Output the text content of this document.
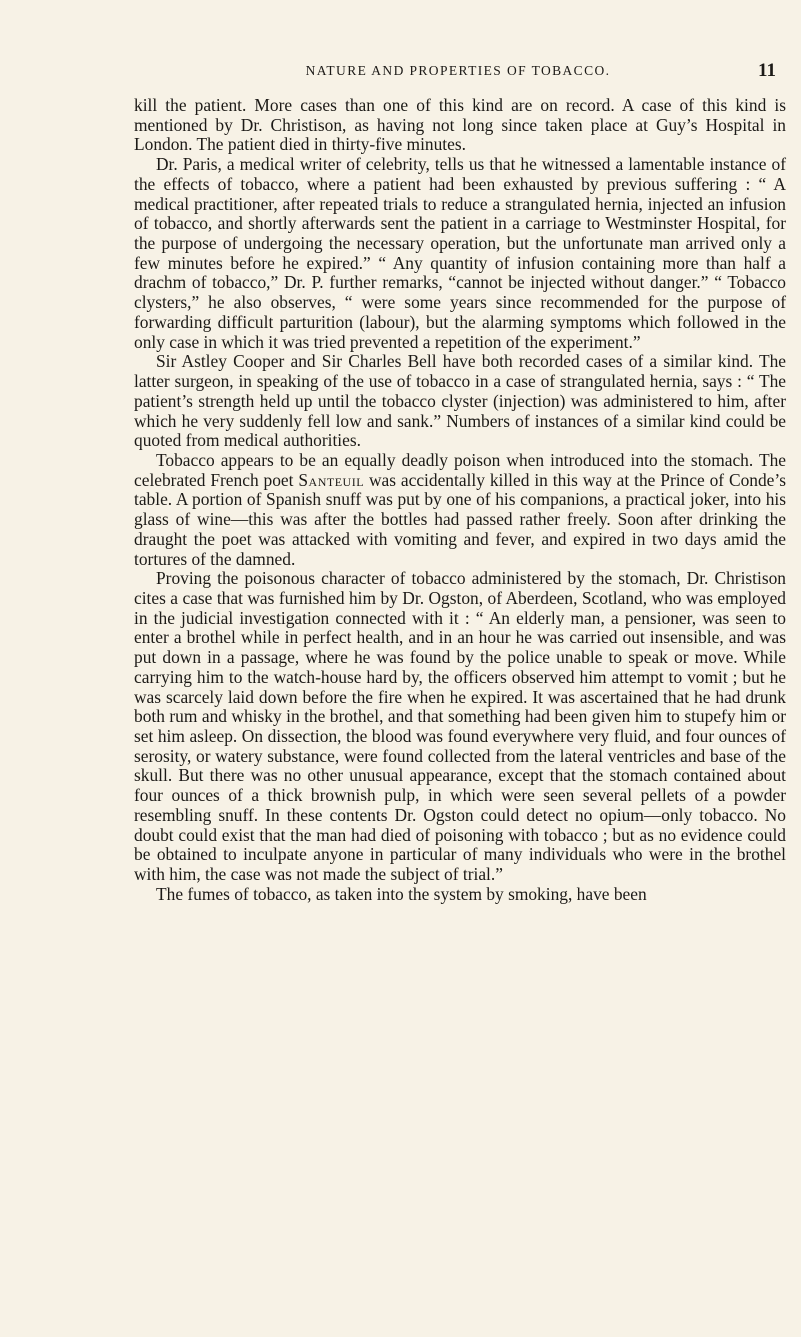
NATURE AND PROPERTIES OF TOBACCO.	11

kill the patient. More cases than one of this kind are on record. A case of this kind is mentioned by Dr. Christison, as having not long since taken place at Guy’s Hospital in London. The patient died in thirty-five minutes.

Dr. Paris, a medical writer of celebrity, tells us that he witnessed a lamentable instance of the effects of tobacco, where a patient had been exhausted by previous suffering : “ A medical practitioner, after repeated trials to reduce a strangulated hernia, injected an infusion of tobacco, and shortly afterwards sent the patient in a carriage to Westminster Hospital, for the purpose of undergoing the necessary operation, but the unfortunate man arrived only a few minutes before he expired.” “ Any quantity of infusion containing more than half a drachm of tobacco,” Dr. P. further remarks, “cannot be injected without danger.” “ Tobacco clysters,” he also observes, “ were some years since recommended for the purpose of forwarding difficult parturition (labour), but the alarming symptoms which followed in the only case in which it was tried prevented a repetition of the experiment.”

Sir Astley Cooper and Sir Charles Bell have both recorded cases of a similar kind. The latter surgeon, in speaking of the use of tobacco in a case of strangulated hernia, says : “ The patient’s strength held up until the tobacco clyster (injection) was administered to him, after which he very suddenly fell low and sank.” Numbers of instances of a similar kind could be quoted from medical authorities.

Tobacco appears to be an equally deadly poison when introduced into the stomach. The celebrated French poet Santeuil was accidentally killed in this way at the Prince of Conde’s table. A portion of Spanish snuff was put by one of his companions, a practical joker, into his glass of wine—this was after the bottles had passed rather freely. Soon after drinking the draught the poet was attacked with vomiting and fever, and expired in two days amid the tortures of the damned.

Proving the poisonous character of tobacco administered by the stomach, Dr. Christison cites a case that was furnished him by Dr. Ogston, of Aberdeen, Scotland, who was employed in the judicial investigation connected with it : “ An elderly man, a pensioner, was seen to enter a brothel while in perfect health, and in an hour he was carried out insensible, and was put down in a passage, where he was found by the police unable to speak or move. While carrying him to the watch-house hard by, the officers observed him attempt to vomit ; but he was scarcely laid down before the fire when he expired. It was ascertained that he had drunk both rum and whisky in the brothel, and that something had been given him to stupefy him or set him asleep. On dissection, the blood was found everywhere very fluid, and four ounces of serosity, or watery substance, were found collected from the lateral ventricles and base of the skull. But there was no other unusual appearance, except that the stomach contained about four ounces of a thick brownish pulp, in which were seen several pellets of a powder resembling snuff. In these contents Dr. Ogston could detect no opium—only tobacco. No doubt could exist that the man had died of poisoning with tobacco ; but as no evidence could be obtained to inculpate anyone in particular of many individuals who were in the brothel with him, the case was not made the subject of trial.”

The fumes of tobacco, as taken into the system by smoking, have been
